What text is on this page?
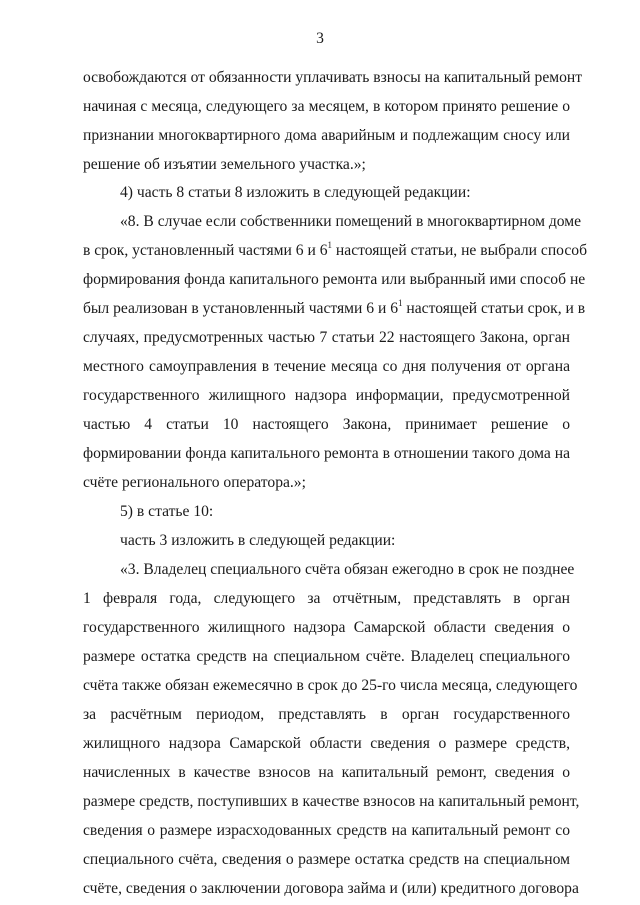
3
освобождаются от обязанности уплачивать взносы на капитальный ремонт
начиная с месяца, следующего за месяцем, в котором принято решение о
признании многоквартирного дома аварийным и подлежащим сносу или
решение об изъятии земельного участка.»;
4) часть 8 статьи 8 изложить в следующей редакции:
«8. В случае если собственники помещений в многоквартирном доме
в срок, установленный частями 6 и $6^1$ настоящей статьи, не выбрали способ
формирования фонда капитального ремонта или выбранный ими способ не
был реализован в установленный частями 6 и $6^1$ настоящей статьи срок, и в
случаях, предусмотренных частью 7 статьи 22 настоящего Закона, орган
местного самоуправления в течение месяца со дня получения от органа
государственного жилищного надзора информации, предусмотренной
частью 4 статьи 10 настоящего Закона, принимает решение о
формировании фонда капитального ремонта в отношении такого дома на
счёте регионального оператора.»;
5) в статье 10:
часть 3 изложить в следующей редакции:
«3. Владелец специального счёта обязан ежегодно в срок не позднее
1 февраля года, следующего за отчётным, представлять в орган
государственного жилищного надзора Самарской области сведения о
размере остатка средств на специальном счёте. Владелец специального
счёта также обязан ежемесячно в срок до 25-го числа месяца, следующего
за расчётным периодом, представлять в орган государственного
жилищного надзора Самарской области сведения о размере средств,
начисленных в качестве взносов на капитальный ремонт, сведения о
размере средств, поступивших в качестве взносов на капитальный ремонт,
сведения о размере израсходованных средств на капитальный ремонт со
специального счёта, сведения о размере остатка средств на специальном
счёте, сведения о заключении договора займа и (или) кредитного договора
